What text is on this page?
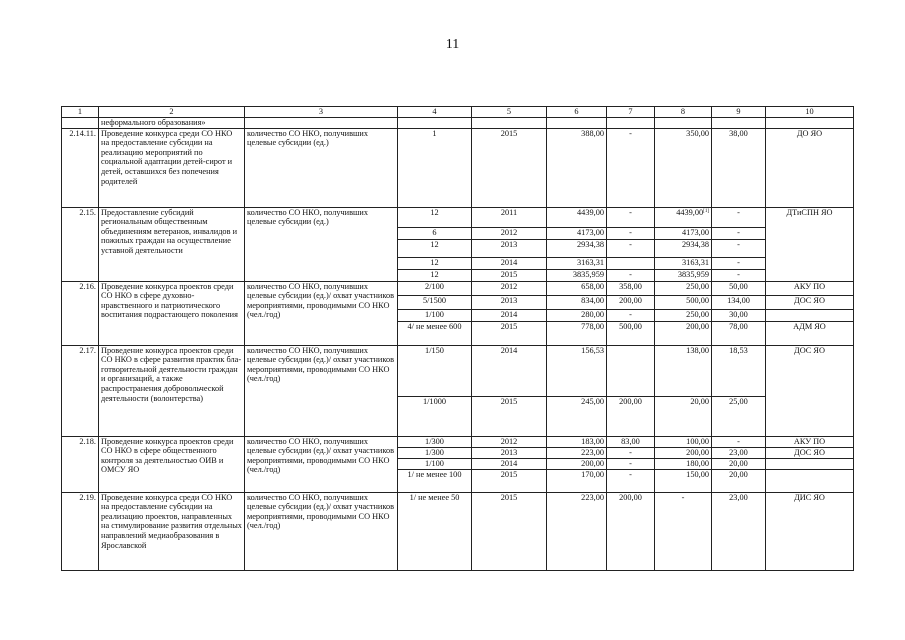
11
1	2	3	4	5	6	7	8	9	10
	неформального образования»								
2.14.11.	Проведение конкурса среди СО НКО на предоставление субсидии на реализацию мероприятий по социальной адаптации детей-сирот и детей, оставшихся без попечения родителей	количество СО НКО, получивших целевые субсидии (ед.)	1	2015	388,00	-	350,00	38,00	ДО ЯО
2.15.	Предоставление субсидий региональным общественным объединениям ветеранов, инвалидов и пожилых граждан на осуществление уставной деятельности	количество СО НКО, получивших целевые субсидии (ед.)	12	2011	4439,00	-	4439,00[1]	-	ДТиСПН ЯО
			6	2012	4173,00	-	4173,00	-	
			12	2013	2934,38	-	2934,38	-	
			12	2014	3163,31		3163,31	-	
			12	2015	3835,959	-	3835,959	-	
2.16.	Проведение конкурса проектов среди СО НКО в сфере духовно-нравственного и патриотического воспитания подрастающего поколения	количество СО НКО, получивших целевые субсидии (ед.)/ охват участников мероприятиями, проводимыми СО НКО (чел./год)	2/100	2012	658,00	358,00	250,00	50,00	АКУ ПО
			5/1500	2013	834,00	200,00	500,00	134,00	ДОС ЯО
			1/100	2014	280,00	-	250,00	30,00	
			4/ не менее 600	2015	778,00	500,00	200,00	78,00	АДМ ЯО
2.17.	Проведение конкурса проектов среди СО НКО в сфере развития практик бла-готворительной деятельности граждан и организаций, а также распространения добровольческой деятельности (волонтерства)	количество СО НКО, получивших целевые субсидии (ед.)/ охват участников мероприятиями, проводимыми СО НКО (чел./год)	1/150	2014	156,53		138,00	18,53	ДОС ЯО
			1/1000	2015	245,00	200,00	20,00	25,00	
2.18.	Проведение конкурса проектов среди СО НКО в сфере общественного контроля за деятельностью ОИВ и ОМСУ ЯО	количество СО НКО, получивших целевые субсидии (ед.)/ охват участников мероприятиями, проводимыми СО НКО (чел./год)	1/300	2012	183,00	83,00	100,00	-	АКУ ПО
			1/300	2013	223,00	-	200,00	23,00	ДОС ЯО
			1/100	2014	200,00	-	180,00	20,00	
			1/ не менее 100	2015	170,00	-	150,00	20,00	
2.19.	Проведение конкурса среди СО НКО на предоставление субсидии на реализацию проектов, направленных на стимулирование развития отдельных направлений медиаобразования в Ярославской	количество СО НКО, получивших целевые субсидии (ед.)/ охват участников мероприятиями, проводимыми СО НКО (чел./год)	1/ не менее 50	2015	223,00	200,00	-	23,00	ДИС ЯО
